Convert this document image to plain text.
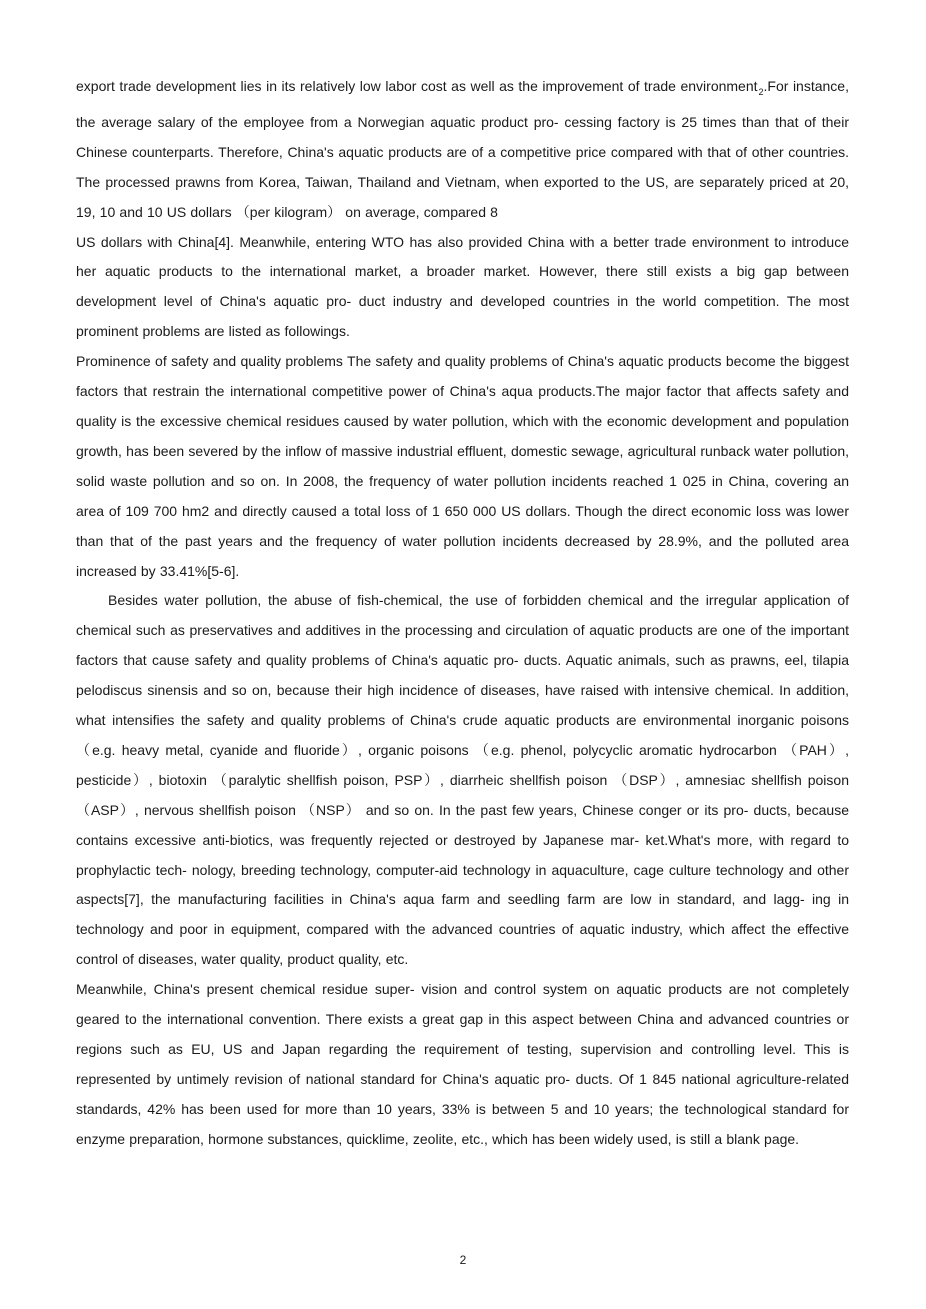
export trade development lies in its relatively low labor cost as well as the improvement of trade environment$_2$.For instance, the average salary of the employee from a Norwegian aquatic product pro- cessing factory is 25 times than that of their Chinese counterparts. Therefore, China's aquatic products are of a competitive price compared with that of other countries. The processed prawns from Korea, Taiwan, Thailand and Vietnam, when exported to the US, are separately priced at 20, 19, 10 and 10 US dollars （per kilogram） on average, compared 8

US dollars with China[4]. Meanwhile, entering WTO has also provided China with a better trade environment to introduce her aquatic products to the international market, a broader market. However, there still exists a big gap between development level of China's aquatic pro- duct industry and developed countries in the world competition. The most prominent problems are listed as followings.

Prominence of safety and quality problems The safety and quality problems of China's aquatic products become the biggest factors that restrain the international competitive power of China's aqua products.The major factor that affects safety and quality is the excessive chemical residues caused by water pollution, which with the economic development and population growth, has been severed by the inflow of massive industrial effluent, domestic sewage, agricultural runback water pollution, solid waste pollution and so on. In 2008, the frequency of water pollution incidents reached 1 025 in China, covering an area of 109 700 hm2 and directly caused a total loss of 1 650 000 US dollars. Though the direct economic loss was lower than that of the past years and the frequency of water pollution incidents decreased by 28.9%, and the polluted area increased by 33.41%[5-6].

Besides water pollution, the abuse of fish-chemical, the use of forbidden chemical and the irregular application of chemical such as preservatives and additives in the processing and circulation of aquatic products are one of the important factors that cause safety and quality problems of China's aquatic pro- ducts. Aquatic animals, such as prawns, eel, tilapia pelodiscus sinensis and so on, because their high incidence of diseases, have raised with intensive chemical. In addition, what intensifies the safety and quality problems of China's crude aquatic products are environmental inorganic poisons （e.g. heavy metal, cyanide and fluoride）, organic poisons （e.g. phenol, polycyclic aromatic hydrocarbon （PAH）, pesticide）, biotoxin （paralytic shellfish poison, PSP）, diarrheic shellfish poison （DSP）, amnesiac shellfish poison （ASP）, nervous shellfish poison （NSP） and so on. In the past few years, Chinese conger or its pro- ducts, because contains excessive anti-biotics, was frequently rejected or destroyed by Japanese mar- ket.What's more, with regard to prophylactic tech- nology, breeding technology, computer-aid technology in aquaculture, cage culture technology and other aspects[7], the manufacturing facilities in China's aqua farm and seedling farm are low in standard, and lagg- ing in technology and poor in equipment, compared with the advanced countries of aquatic industry, which affect the effective control of diseases, water quality, product quality, etc.

Meanwhile, China's present chemical residue super- vision and control system on aquatic products are not completely geared to the international convention. There exists a great gap in this aspect between China and advanced countries or regions such as EU, US and Japan regarding the requirement of testing, supervision and controlling level. This is represented by untimely revision of national standard for China's aquatic pro- ducts. Of 1 845 national agriculture-related standards, 42% has been used for more than 10 years, 33% is between 5 and 10 years; the technological standard for enzyme preparation, hormone substances, quicklime, zeolite, etc., which has been widely used, is still a blank page.

2
